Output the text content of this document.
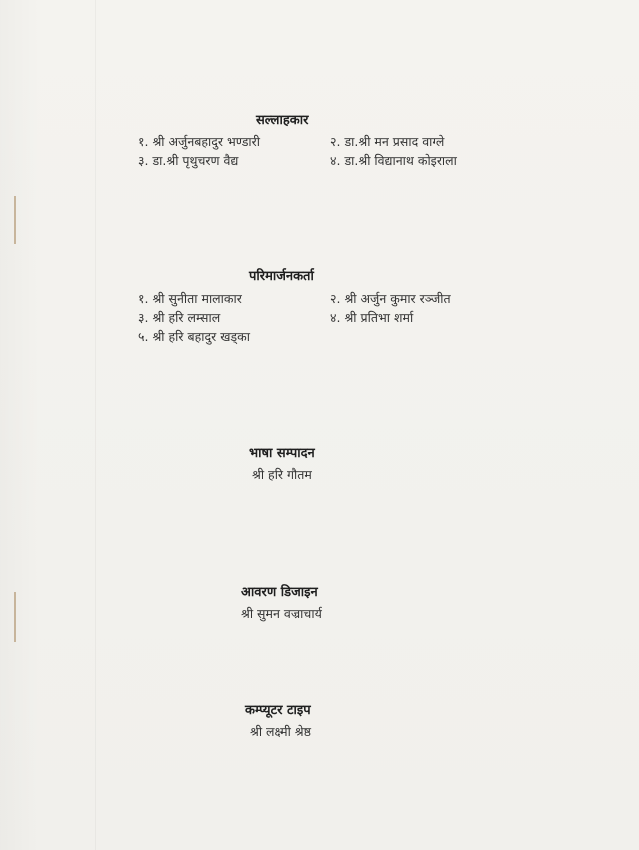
सल्लाहकार
१. श्री अर्जुनबहादुर भण्डारी	२. डा.श्री मन प्रसाद वाग्ले
३. डा.श्री पृथुचरण वैद्य	४. डा.श्री विद्यानाथ कोइराला
परिमार्जनकर्ता
१. श्री सुनीता मालाकार	२. श्री अर्जुन कुमार रञ्जीत
३. श्री हरि लम्साल	४. श्री प्रतिभा शर्मा
५. श्री हरि बहादुर खड्का
भाषा सम्पादन
श्री हरि गौतम
आवरण डिजाइन
श्री सुमन वज्राचार्य
कम्प्यूटर टाइप
श्री लक्ष्मी श्रेष्ठ
